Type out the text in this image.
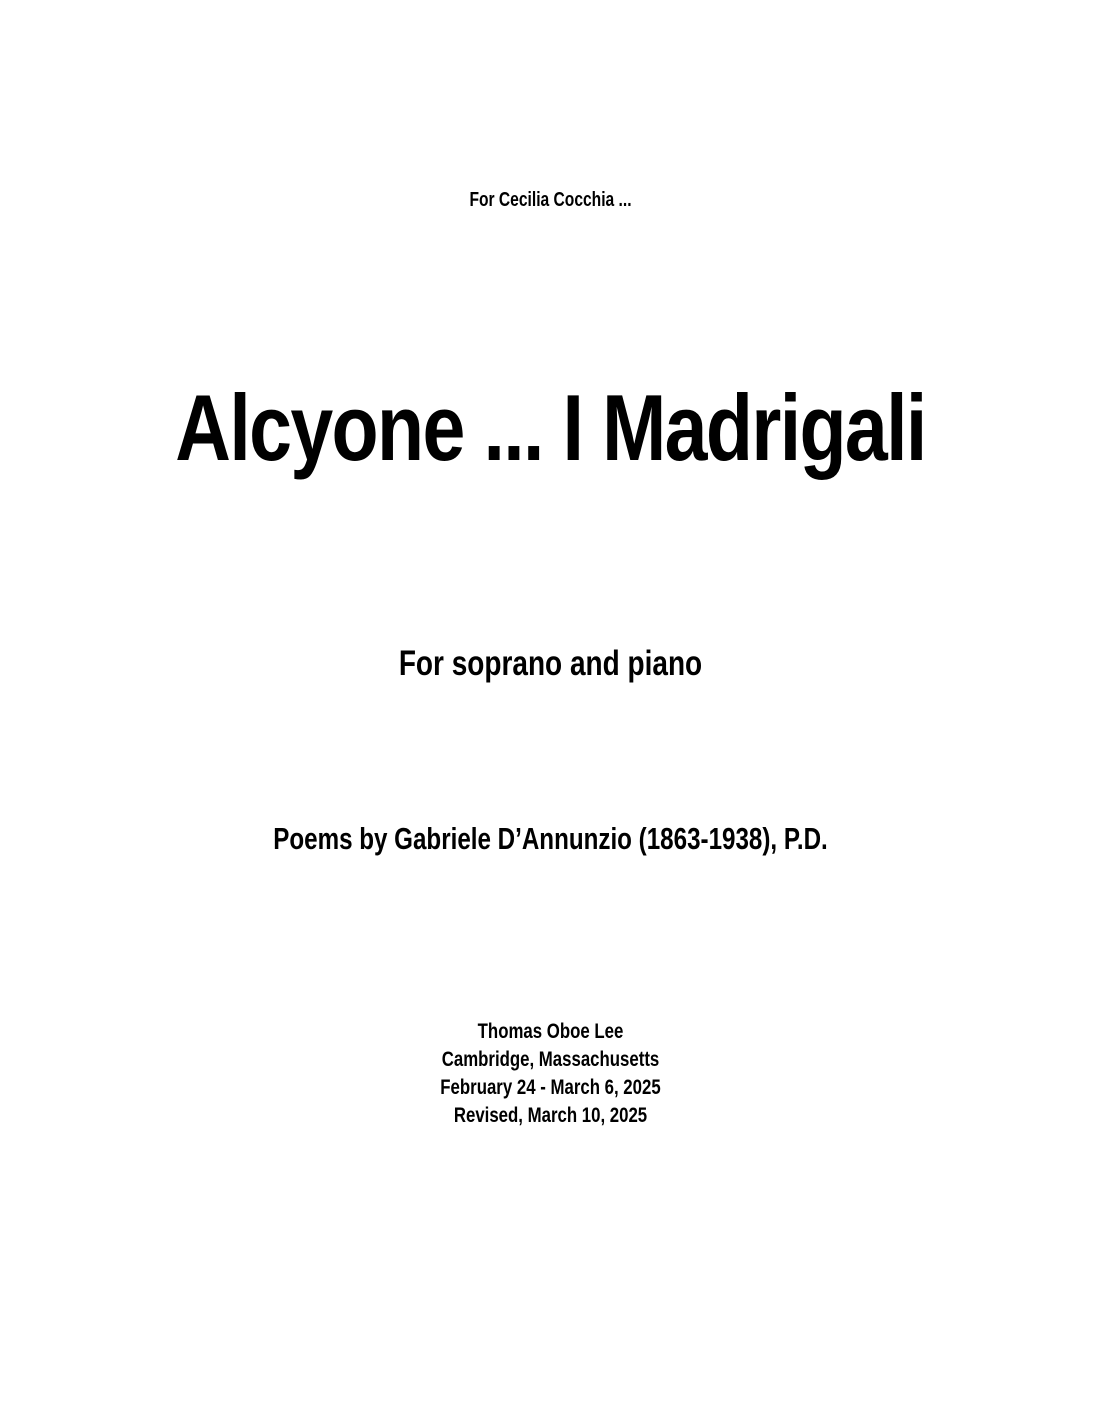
For Cecilia Cocchia ...
Alcyone ... I Madrigali
For soprano and piano
Poems by Gabriele D’Annunzio (1863-1938), P.D.
Thomas Oboe Lee
Cambridge, Massachusetts
February 24 - March 6, 2025
Revised, March 10, 2025
